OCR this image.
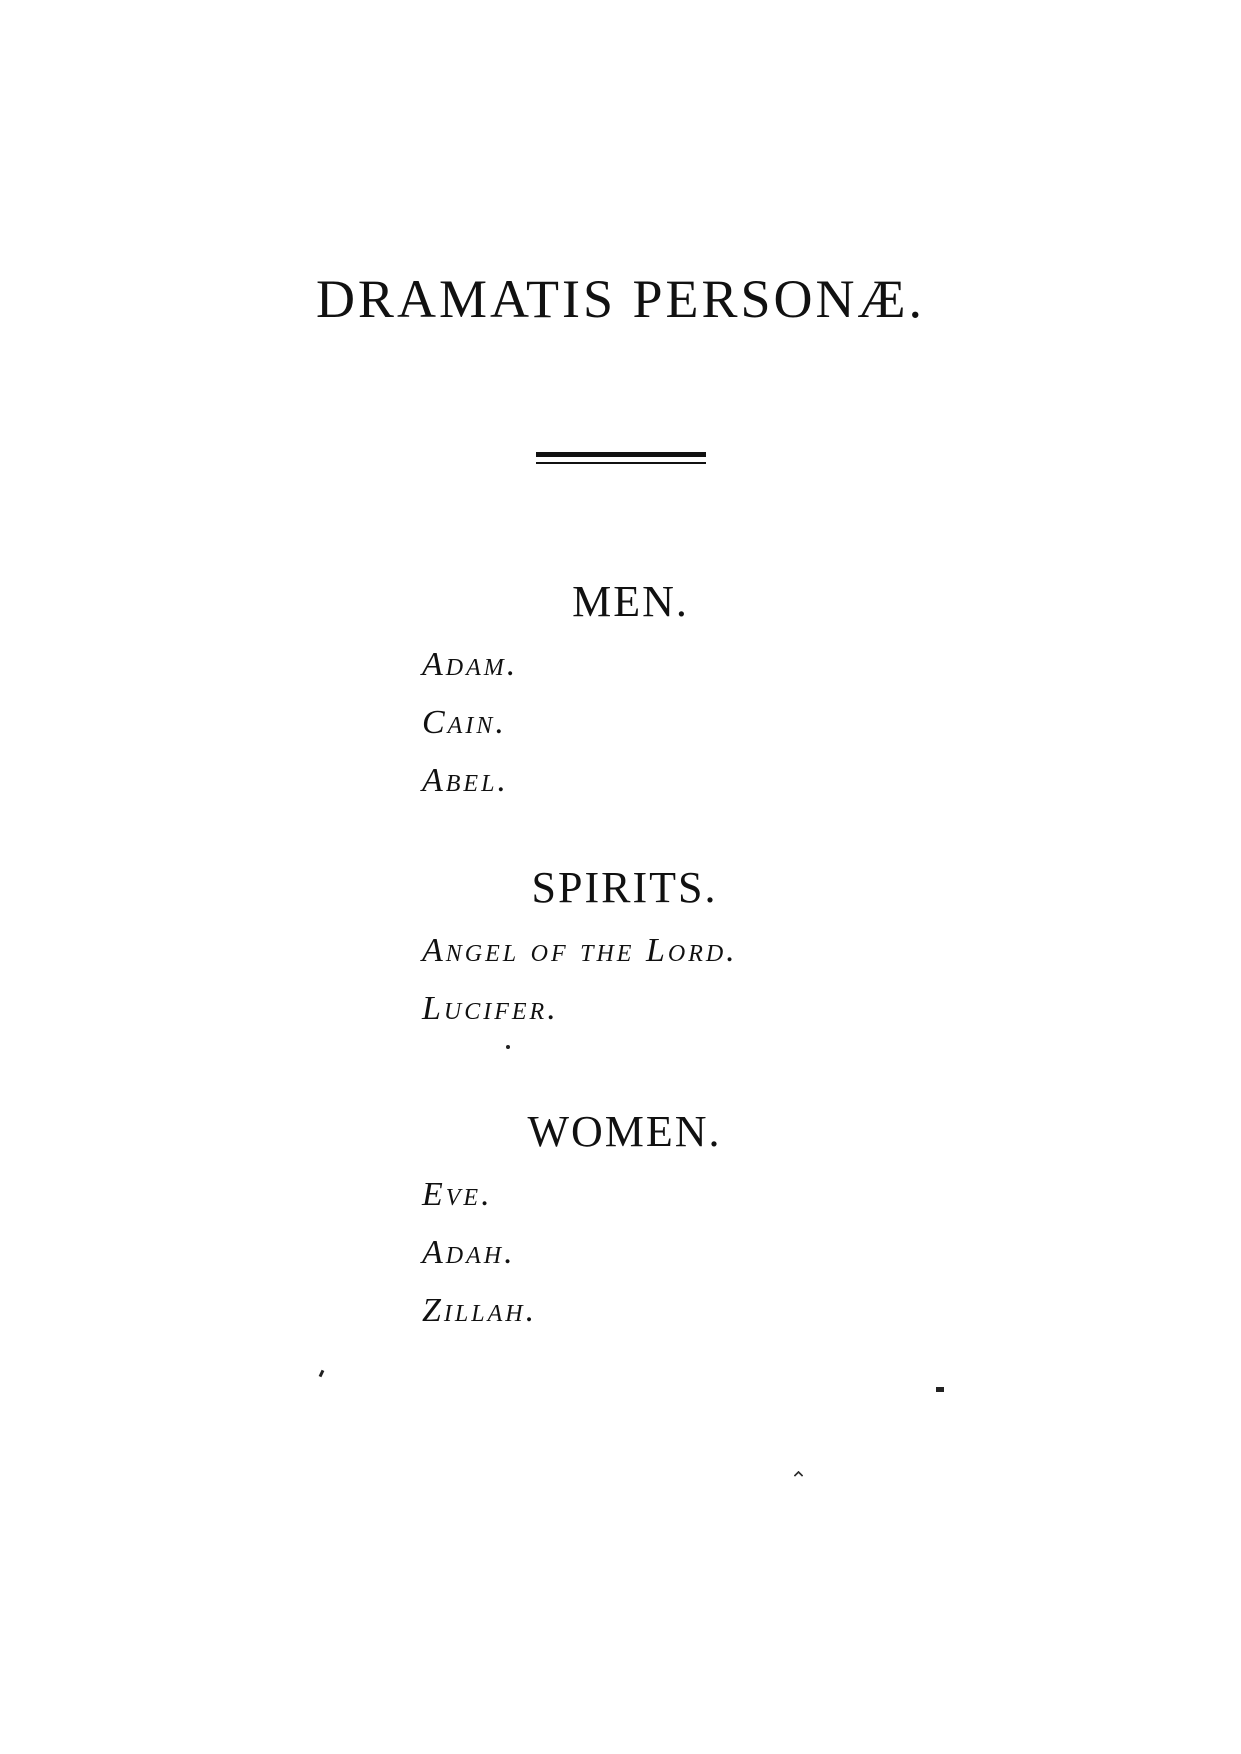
DRAMATIS PERSONÆ.
MEN.
Adam.
Cain.
Abel.
SPIRITS.
Angel of the Lord.
Lucifer.
WOMEN.
Eve.
Adah.
Zillah.
